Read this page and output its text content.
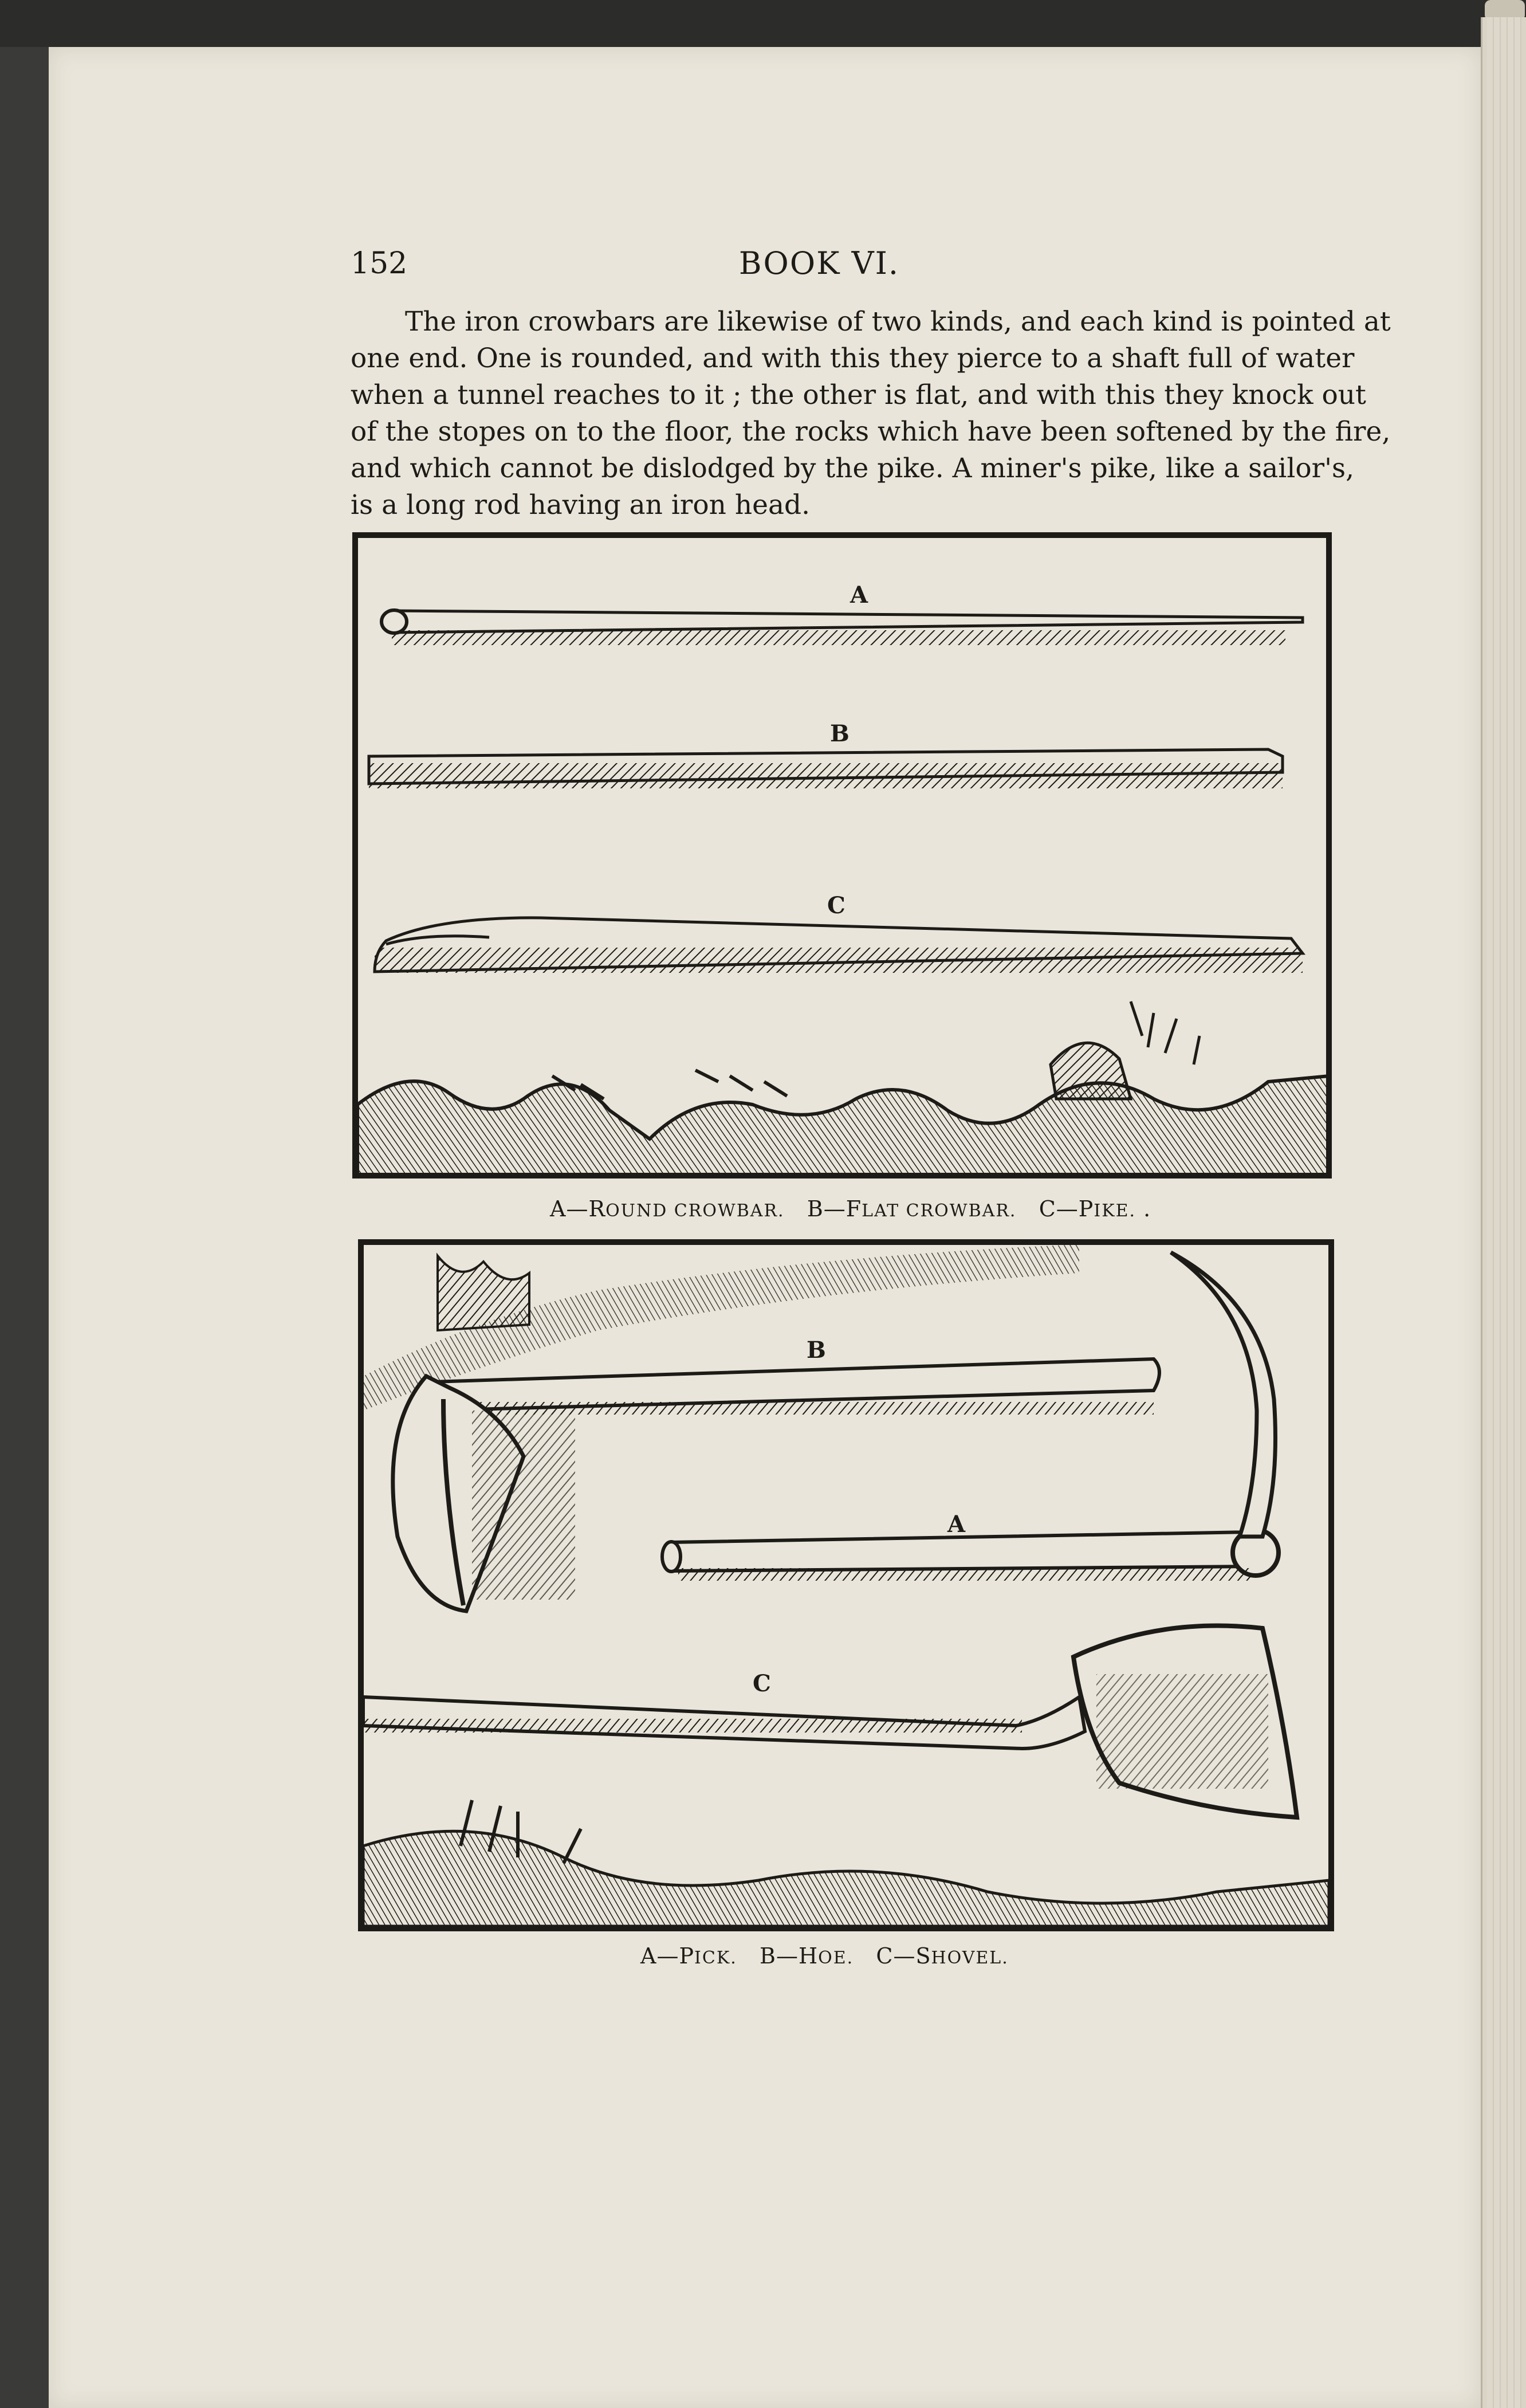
152	BOOK VI.
The iron crowbars are likewise of two kinds, and each kind is pointed at
one end. One is rounded, and with this they pierce to a shaft full of water
when a tunnel reaches to it ; the other is flat, and with this they knock out
of the stopes on to the floor, the rocks which have been softened by the fire,
and which cannot be dislodged by the pike. A miner's pike, like a sailor's,
is a long rod having an iron head.
A
B
C
A—ROUND CROWBAR. B—FLAT CROWBAR. C—PIKE. .
B
A
C
A—PICK. B—HOE. C—SHOVEL.
